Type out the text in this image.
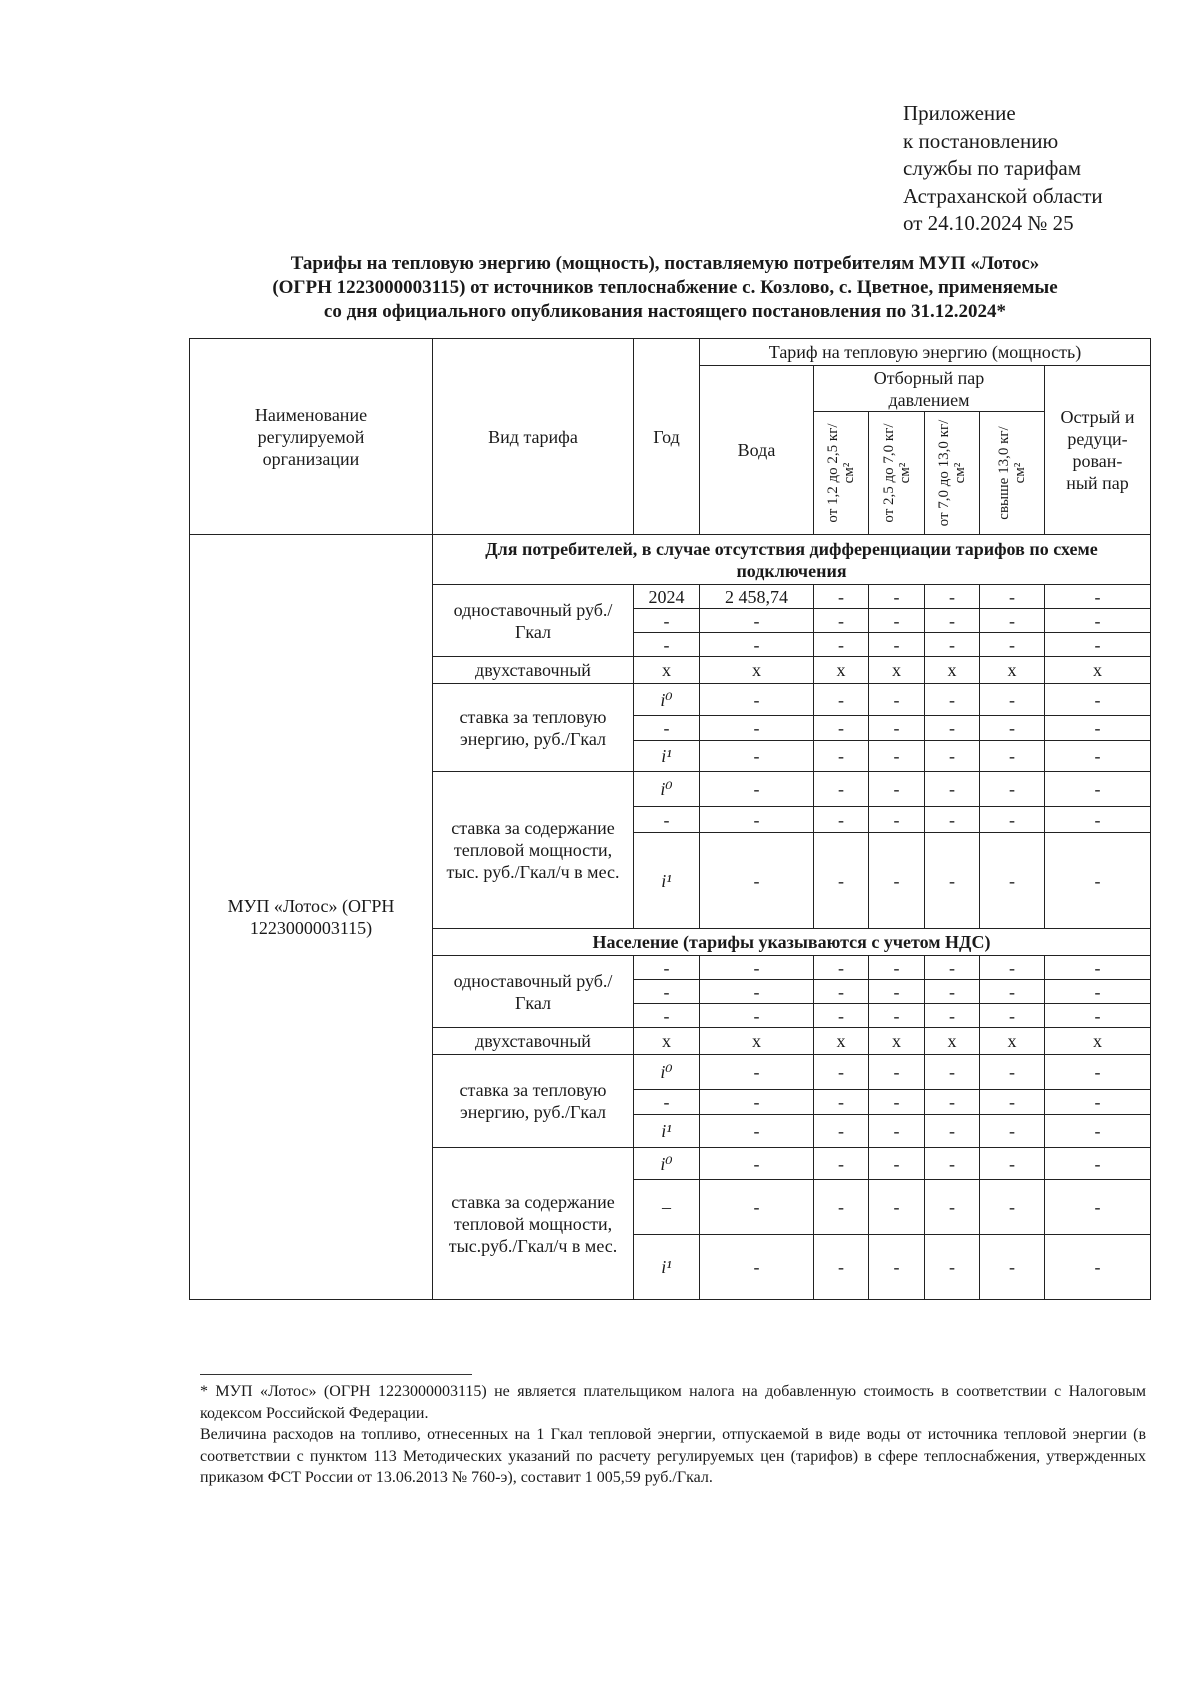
Приложение
к постановлению
службы по тарифам
Астраханской области
от 24.10.2024 № 25
Тарифы на тепловую энергию (мощность), поставляемую потребителям МУП «Лотос»
(ОГРН 1223000003115) от источников теплоснабжение с. Козлово, с. Цветное, применяемые
со дня официального опубликования настоящего постановления по 31.12.2024*
Наименование регулируемой организации	Вид тарифа	Год	Тариф на тепловую энергию (мощность)					
			Вода	Отборный пар давлением				Острый и редуци-рован-ный пар

				от 1,2 до 2,5 кг/см²	от 2,5 до 7,0 кг/см²	от 7,0 до 13,0 кг/см²	свыше 13,0 кг/см²	

МУП «Лотос» (ОГРН 1223000003115)	Для потребителей, в случае отсутствия дифференциации тарифов по схеме подключения							
	одноставочный руб./Гкал	2024	2 458,74	-	-	-	-	-
		-	-	-	-	-	-	-
		-	-	-	-	-	-	-
	двухставочный	х	х	х	х	х	х	х
	ставка за тепловую энергию, руб./Гкал	i⁰	-	-	-	-	-	-
		-	-	-	-	-	-	-
		i¹	-	-	-	-	-	-
	ставка за содержание тепловой мощности, тыс. руб./Гкал/ч в мес.	i⁰	-	-	-	-	-	-
		-	-	-	-	-	-	-
		i¹	-	-	-	-	-	-
	Население (тарифы указываются с учетом НДС)							
	одноставочный руб./Гкал	-	-	-	-	-	-	-
		-	-	-	-	-	-	-
		-	-	-	-	-	-	-
	двухставочный	х	х	х	х	х	х	х
	ставка за тепловую энергию, руб./Гкал	i⁰	-	-	-	-	-	-
		-	-	-	-	-	-	-
		i¹	-	-	-	-	-	-
	ставка за содержание тепловой мощности, тыс.руб./Гкал/ч в мес.	i⁰	-	-	-	-	-	-
		–	-	-	-	-	-	-
		i¹	-	-	-	-	-	-

* МУП «Лотос» (ОГРН 1223000003115) не является плательщиком налога на добавленную стоимость в соответствии с Налоговым кодексом Российской Федерации.

Величина расходов на топливо, отнесенных на 1 Гкал тепловой энергии, отпускаемой в виде воды от источника тепловой энергии (в соответствии с пунктом 113 Методических указаний по расчету регулируемых цен (тарифов) в сфере теплоснабжения, утвержденных приказом ФСТ России от 13.06.2013 № 760-э), составит 1 005,59 руб./Гкал.
